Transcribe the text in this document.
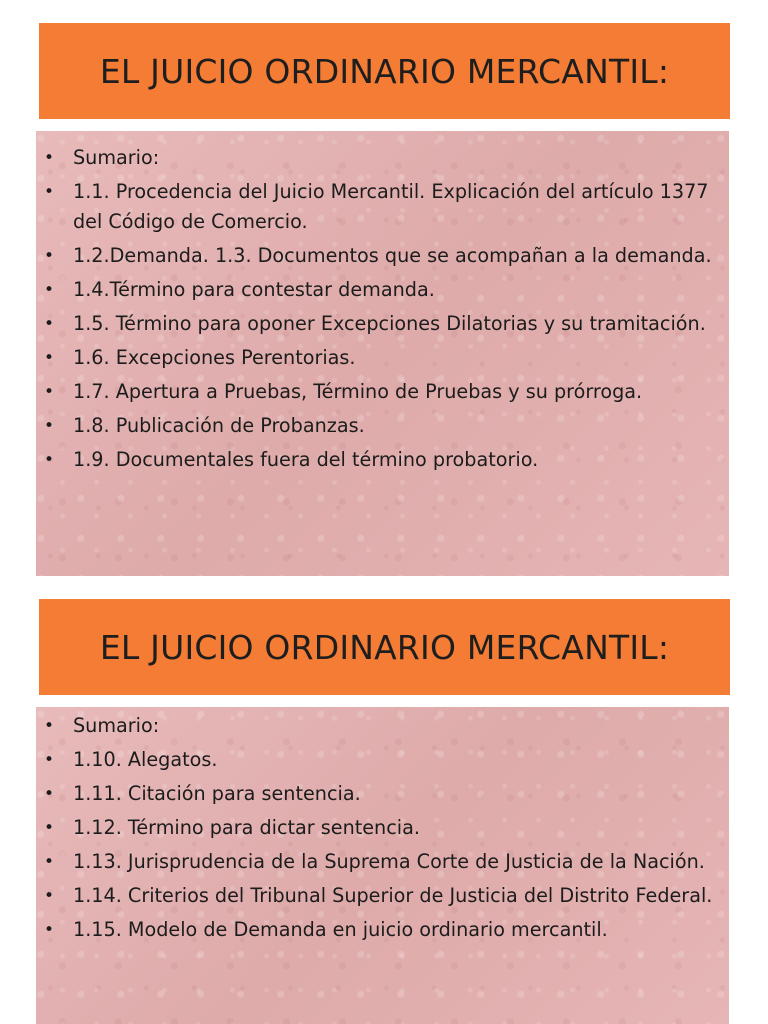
EL JUICIO ORDINARIO MERCANTIL:
• Sumario:
• 1.1. Procedencia del Juicio Mercantil. Explicación del artículo 1377 del Código de Comercio.
• 1.2.Demanda. 1.3. Documentos que se acompañan a la demanda.
• 1.4.Término para contestar demanda.
• 1.5. Término para oponer Excepciones Dilatorias y su tramitación.
• 1.6. Excepciones Perentorias.
• 1.7. Apertura a Pruebas, Término de Pruebas y su prórroga.
• 1.8. Publicación de Probanzas.
• 1.9. Documentales fuera del término probatorio.
EL JUICIO ORDINARIO MERCANTIL:
• Sumario:
• 1.10. Alegatos.
• 1.11. Citación para sentencia.
• 1.12. Término para dictar sentencia.
• 1.13. Jurisprudencia de la Suprema Corte de Justicia de la Nación.
• 1.14. Criterios del Tribunal Superior de Justicia del Distrito Federal.
• 1.15. Modelo de Demanda en juicio ordinario mercantil.
